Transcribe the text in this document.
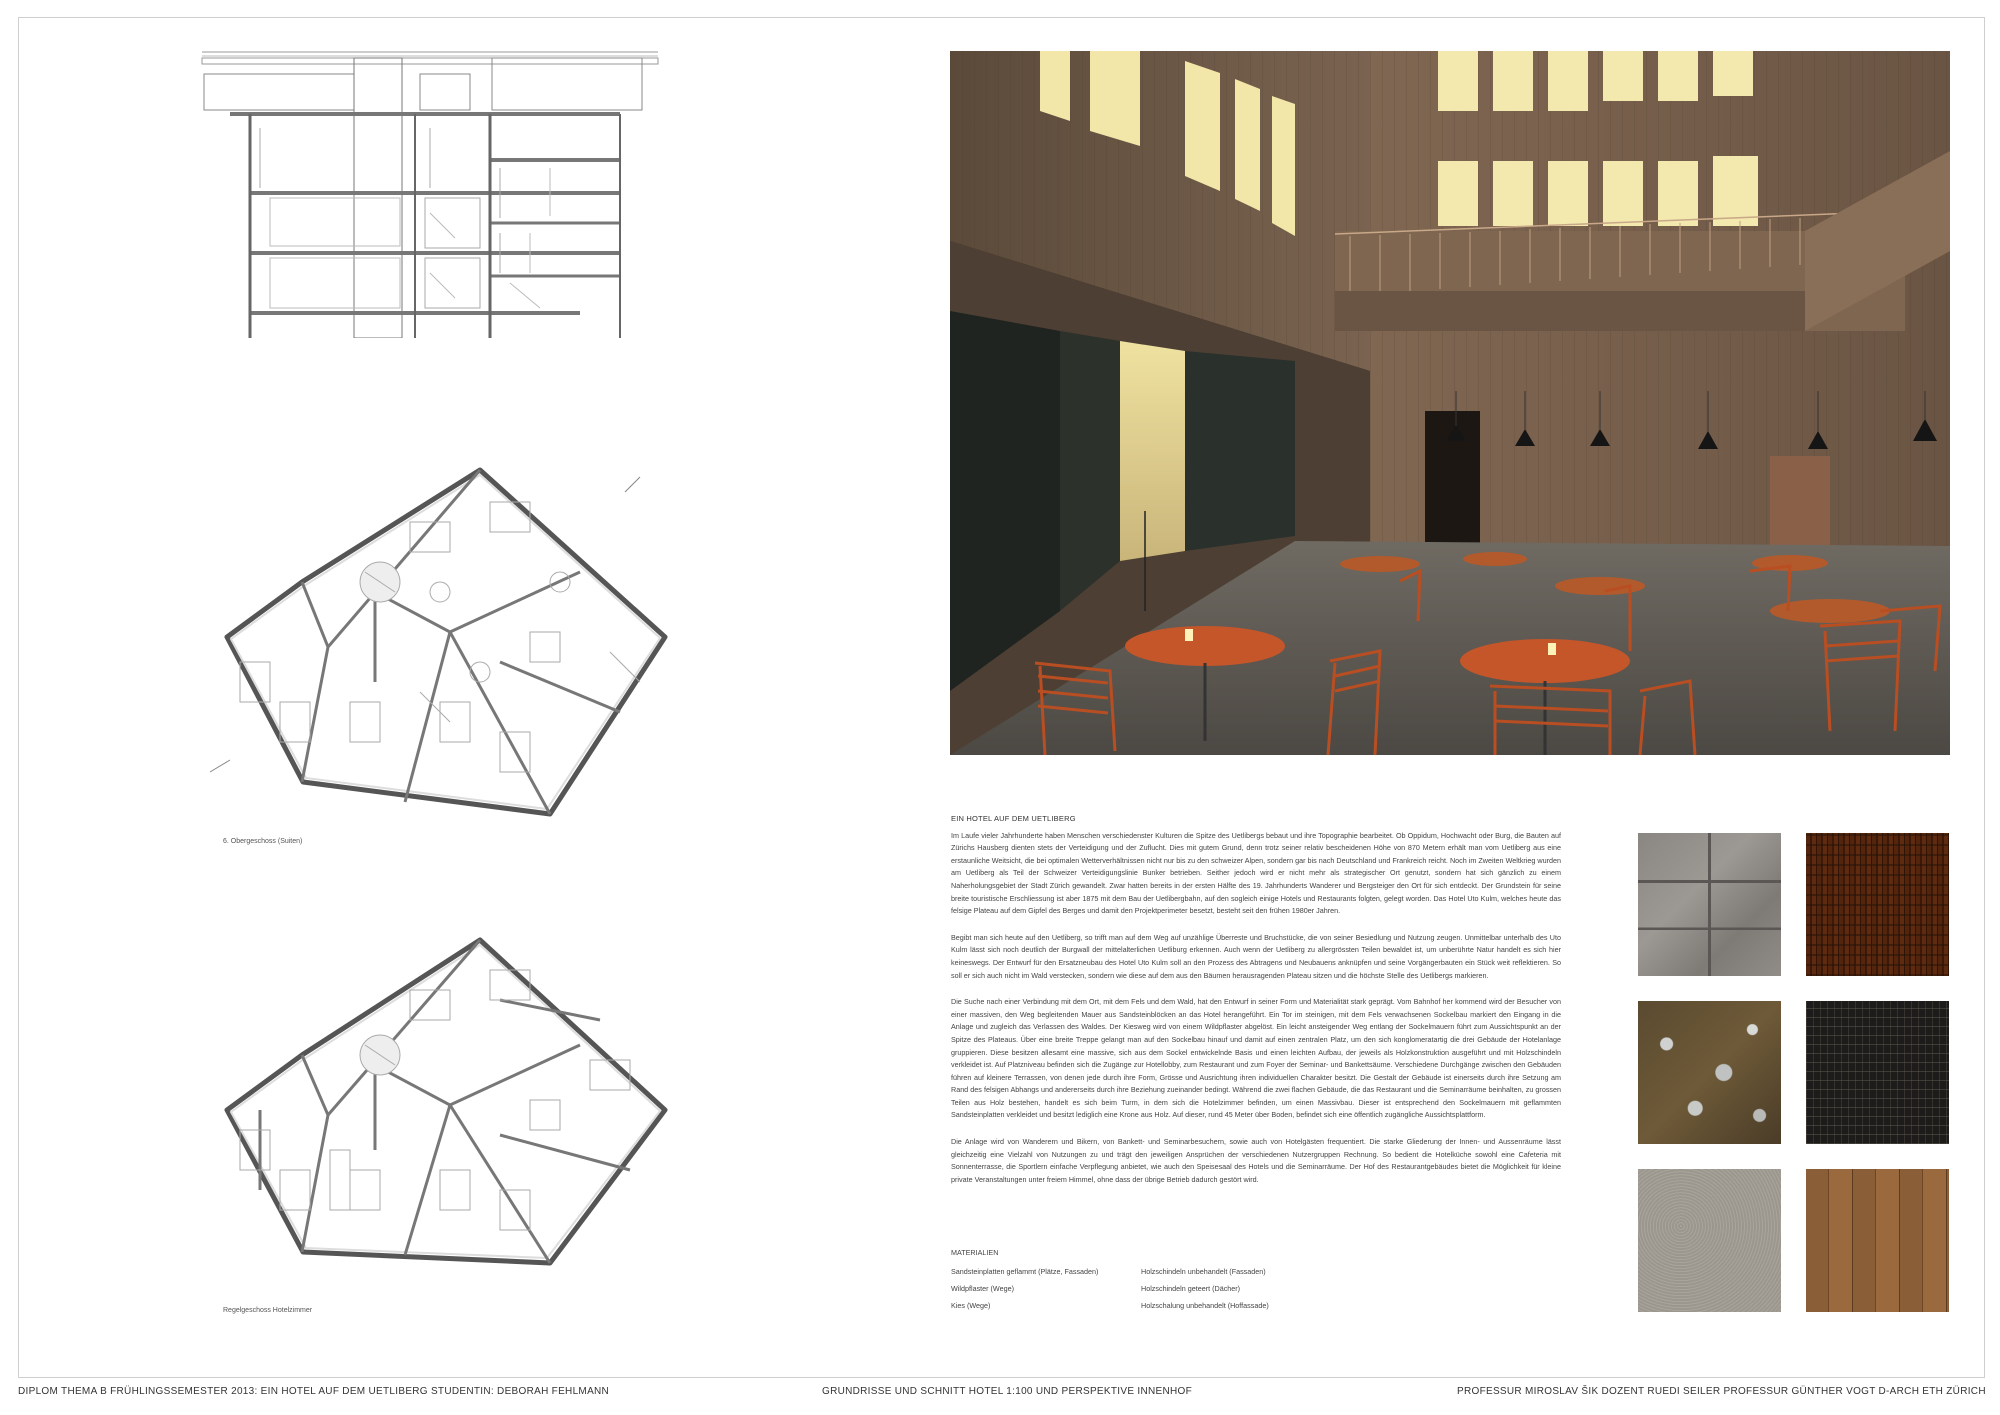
6. Obergeschoss (Suiten)
Regelgeschoss Hotelzimmer
EIN HOTEL AUF DEM UETLIBERG

Im Laufe vieler Jahrhunderte haben Menschen verschiedenster Kulturen die Spitze des Uetlibergs bebaut und ihre Topographie bearbeitet. Ob Oppidum, Hochwacht oder Burg, die Bauten auf Zürichs Hausberg dienten stets der Verteidigung und der Zuflucht. Dies mit gutem Grund, denn trotz seiner relativ bescheidenen Höhe von 870 Metern erhält man vom Uetliberg aus eine erstaunliche Weitsicht, die bei optimalen Wetterverhältnissen nicht nur bis zu den schweizer Alpen, sondern gar bis nach Deutschland und Frankreich reicht. Noch im Zweiten Weltkrieg wurden am Uetliberg als Teil der Schweizer Verteidigungslinie Bunker betrieben. Seither jedoch wird er nicht mehr als strategischer Ort genutzt, sondern hat sich gänzlich zu einem Naherholungsgebiet der Stadt Zürich gewandelt. Zwar hatten bereits in der ersten Hälfte des 19. Jahrhunderts Wanderer und Bergsteiger den Ort für sich entdeckt. Der Grundstein für seine breite touristische Erschliessung ist aber 1875 mit dem Bau der Uetlibergbahn, auf den sogleich einige Hotels und Restaurants folgten, gelegt worden. Das Hotel Uto Kulm, welches heute das felsige Plateau auf dem Gipfel des Berges und damit den Projektperimeter besetzt, besteht seit den frühen 1980er Jahren.

Begibt man sich heute auf den Uetliberg, so trifft man auf dem Weg auf unzählige Überreste und Bruchstücke, die von seiner Besiedlung und Nutzung zeugen. Unmittelbar unterhalb des Uto Kulm lässt sich noch deutlich der Burgwall der mittelalterlichen Uetliburg erkennen. Auch wenn der Uetliberg zu allergrössten Teilen bewaldet ist, um unberührte Natur handelt es sich hier keineswegs. Der Entwurf für den Ersatzneubau des Hotel Uto Kulm soll an den Prozess des Abtragens und Neubauens anknüpfen und seine Vorgängerbauten ein Stück weit reflektieren. So soll er sich auch nicht im Wald verstecken, sondern wie diese auf dem aus den Bäumen herausragenden Plateau sitzen und die höchste Stelle des Uetlibergs markieren.

Die Suche nach einer Verbindung mit dem Ort, mit dem Fels und dem Wald, hat den Entwurf in seiner Form und Materialität stark geprägt. Vom Bahnhof her kommend wird der Besucher von einer massiven, den Weg begleitenden Mauer aus Sandsteinblöcken an das Hotel herangeführt. Ein Tor im steinigen, mit dem Fels verwachsenen Sockelbau markiert den Eingang in die Anlage und zugleich das Verlassen des Waldes. Der Kiesweg wird von einem Wildpflaster abgelöst. Ein leicht ansteigender Weg entlang der Sockelmauern führt zum Aussichtspunkt an der Spitze des Plateaus. Über eine breite Treppe gelangt man auf den Sockelbau hinauf und damit auf einen zentralen Platz, um den sich konglomeratartig die drei Gebäude der Hotelanlage gruppieren. Diese besitzen allesamt eine massive, sich aus dem Sockel entwickelnde Basis und einen leichten Aufbau, der jeweils als Holzkonstruktion ausgeführt und mit Holzschindeln verkleidet ist. Auf Platzniveau befinden sich die Zugänge zur Hotellobby, zum Restaurant und zum Foyer der Seminar- und Bankettsäume. Verschiedene Durchgänge zwischen den Gebäuden führen auf kleinere Terrassen, von denen jede durch ihre Form, Grösse und Ausrichtung ihren individuellen Charakter besitzt. Die Gestalt der Gebäude ist einerseits durch ihre Setzung am Rand des felsigen Abhangs und andererseits durch ihre Beziehung zueinander bedingt. Während die zwei flachen Gebäude, die das Restaurant und die Seminarräume beinhalten, zu grossen Teilen aus Holz bestehen, handelt es sich beim Turm, in dem sich die Hotelzimmer befinden, um einen Massivbau. Dieser ist entsprechend den Sockelmauern mit geflammten Sandsteinplatten verkleidet und besitzt lediglich eine Krone aus Holz. Auf dieser, rund 45 Meter über Boden, befindet sich eine öffentlich zugängliche Aussichtsplattform.

Die Anlage wird von Wanderern und Bikern, von Bankett- und Seminarbesuchern, sowie auch von Hotelgästen frequentiert. Die starke Gliederung der Innen- und Aussenräume lässt gleichzeitig eine Vielzahl von Nutzungen zu und trägt den jeweiligen Ansprüchen der verschiedenen Nutzergruppen Rechnung. So bedient die Hotelküche sowohl eine Cafeteria mit Sonnenterrasse, die Sportlern einfache Verpflegung anbietet, wie auch den Speisesaal des Hotels und die Seminarräume. Der Hof des Restaurantgebäudes bietet die Möglichkeit für kleine private Veranstaltungen unter freiem Himmel, ohne dass der übrige Betrieb dadurch gestört wird.

MATERIALIEN
Sandsteinplatten geflammt (Plätze, Fassaden)	Holzschindeln unbehandelt (Fassaden)
Wildpflaster (Wege)	Holzschindeln geteert (Dächer)
Kies (Wege)	Holzschalung unbehandelt (Hoffassade)
DIPLOM THEMA B FRÜHLINGSSEMESTER 2013: EIN HOTEL AUF DEM UETLIBERG STUDENTIN: DEBORAH FEHLMANN	GRUNDRISSE UND SCHNITT HOTEL 1:100 UND PERSPEKTIVE INNENHOF	PROFESSUR MIROSLAV ŠIK DOZENT RUEDI SEILER PROFESSUR GÜNTHER VOGT D-ARCH ETH ZÜRICH
